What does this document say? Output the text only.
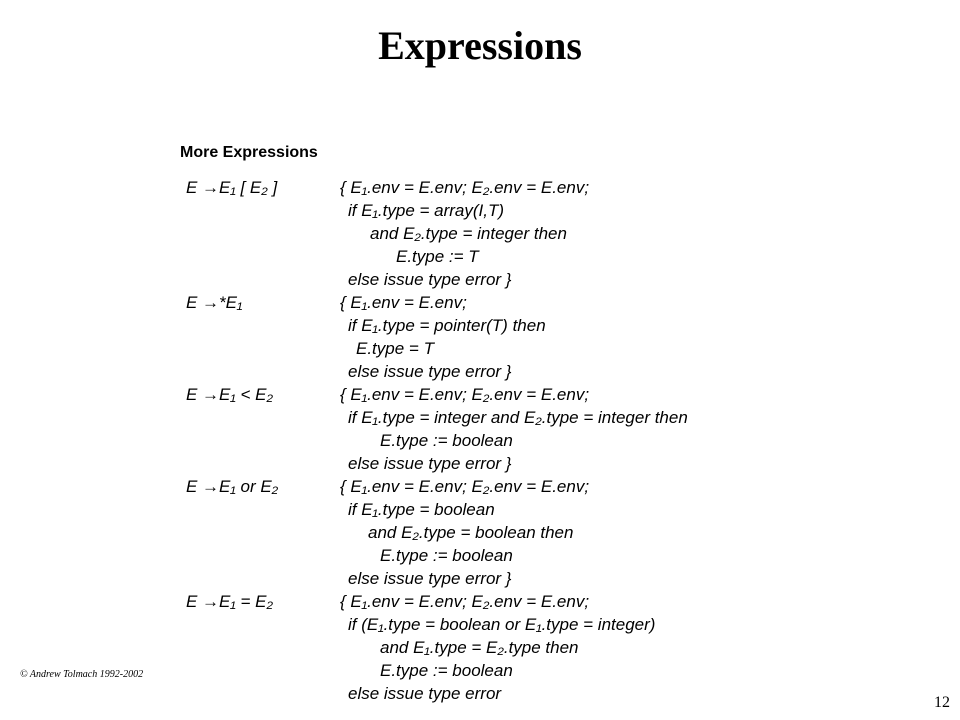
Expressions
More Expressions
E →E₁ [ E₂ ]	{ E₁.env = E.env; E₂.env = E.env;
if E₁.type = array(I,T)
and E₂.type = integer then
E.type := T
else issue type error }
E →*E₁	{ E₁.env = E.env;
if E₁.type = pointer(T) then
E.type = T
else issue type error }
E →E₁ < E₂	{ E₁.env = E.env; E₂.env = E.env;
if E₁.type = integer and E₂.type = integer then
E.type := boolean
else issue type error }
E →E₁ or E₂	{ E₁.env = E.env; E₂.env = E.env;
if E₁.type = boolean
and E₂.type = boolean then
E.type := boolean
else issue type error }
E →E₁ = E₂	{ E₁.env = E.env; E₂.env = E.env;
if (E₁.type = boolean or E₁.type = integer)
and E₁.type = E₂.type then
E.type := boolean
else issue type error
© Andrew Tolmach 1992-2002
12
